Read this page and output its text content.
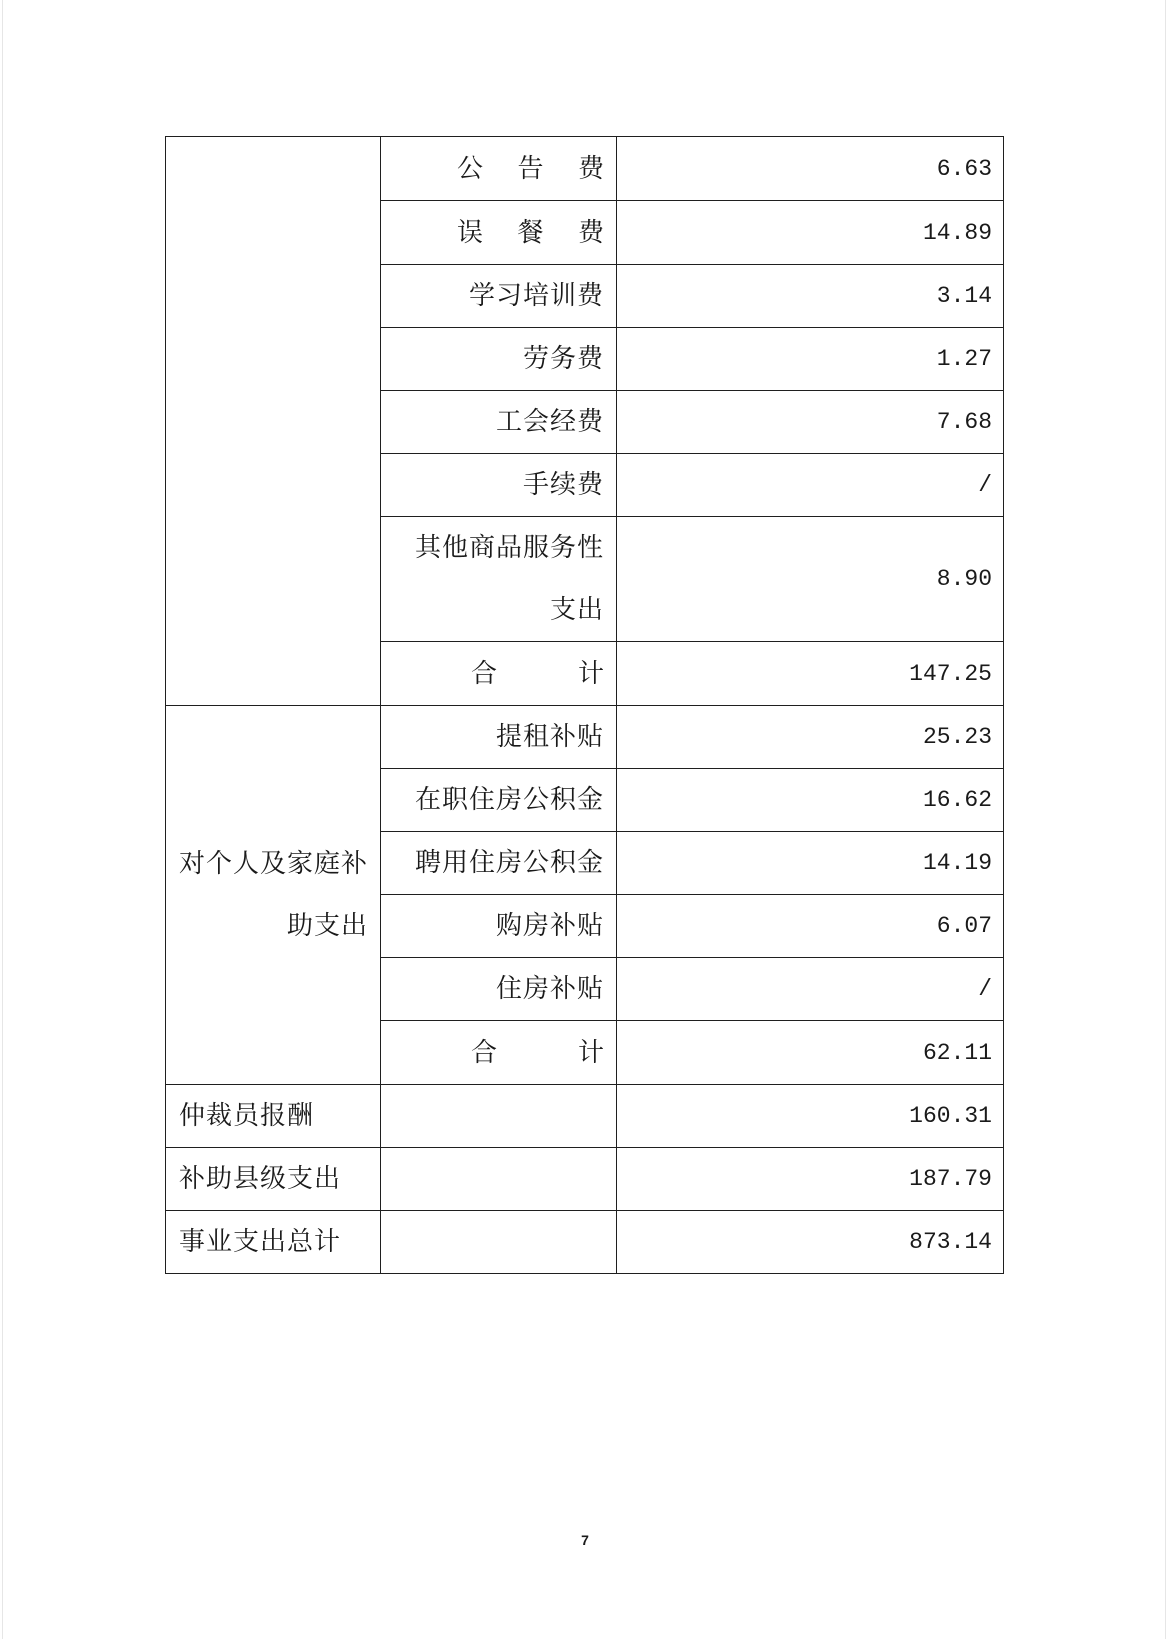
	公 告 费	6.63

	误 餐 费	14.89
	学习培训费	3.14
	劳务费	1.27
	工会经费	7.68
	手续费	/
	其他商品服务性支出	8.90

	合 计	147.25
对个人及家庭补助支出	提租补贴	25.23
	在职住房公积金	16.62
	聘用住房公积金	14.19
	购房补贴	6.07
	住房补贴	/

	合 计	62.11
仲裁员报酬		160.31
补助县级支出		187.79
事业支出总计		873.14
7
